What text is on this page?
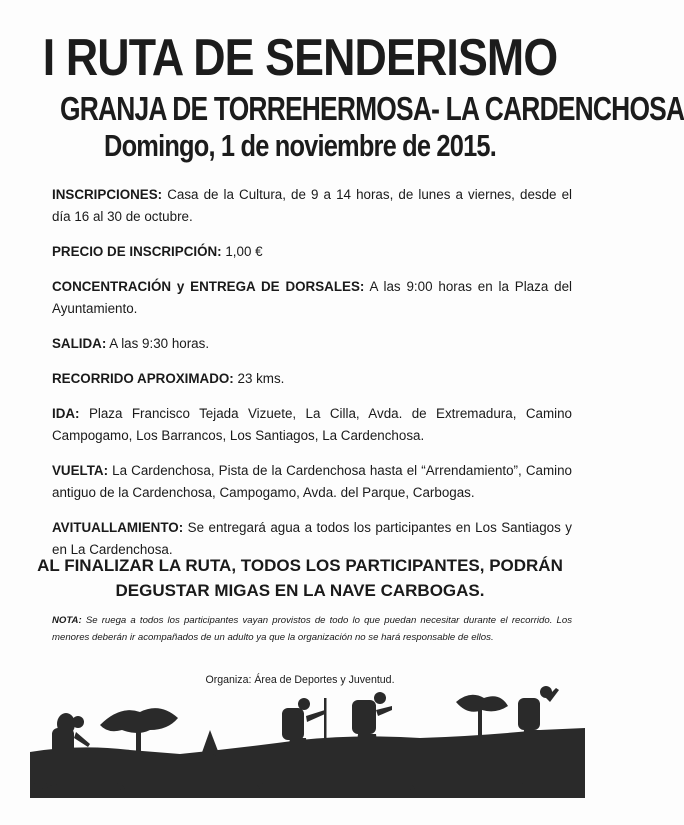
I RUTA DE SENDERISMO
GRANJA DE TORREHERMOSA- LA CARDENCHOSA
Domingo, 1 de noviembre de 2015.

INSCRIPCIONES: Casa de la Cultura, de 9 a 14 horas, de lunes a viernes, desde el día 16 al 30 de octubre.

PRECIO DE INSCRIPCIÓN: 1,00 €

CONCENTRACIÓN y ENTREGA DE DORSALES: A las 9:00 horas en la Plaza del Ayuntamiento.

SALIDA: A las 9:30 horas.

RECORRIDO APROXIMADO: 23 kms.

IDA: Plaza Francisco Tejada Vizuete, La Cilla, Avda. de Extremadura, Camino Campogamo, Los Barrancos, Los Santiagos, La Cardenchosa.

VUELTA: La Cardenchosa, Pista de la Cardenchosa hasta el “Arrendamiento”, Camino antiguo de la Cardenchosa, Campogamo, Avda. del Parque, Carbogas.

AVITUALLAMIENTO: Se entregará agua a todos los participantes en Los Santiagos y en La Cardenchosa.

AL FINALIZAR LA RUTA, TODOS LOS PARTICIPANTES, PODRÁN
DEGUSTAR MIGAS EN LA NAVE CARBOGAS.
NOTA: Se ruega a todos los participantes vayan provistos de todo lo que puedan necesitar durante el recorrido. Los menores deberán ir acompañados de un adulto ya que la organización no se hará responsable de ellos.
Organiza: Área de Deportes y Juventud.
